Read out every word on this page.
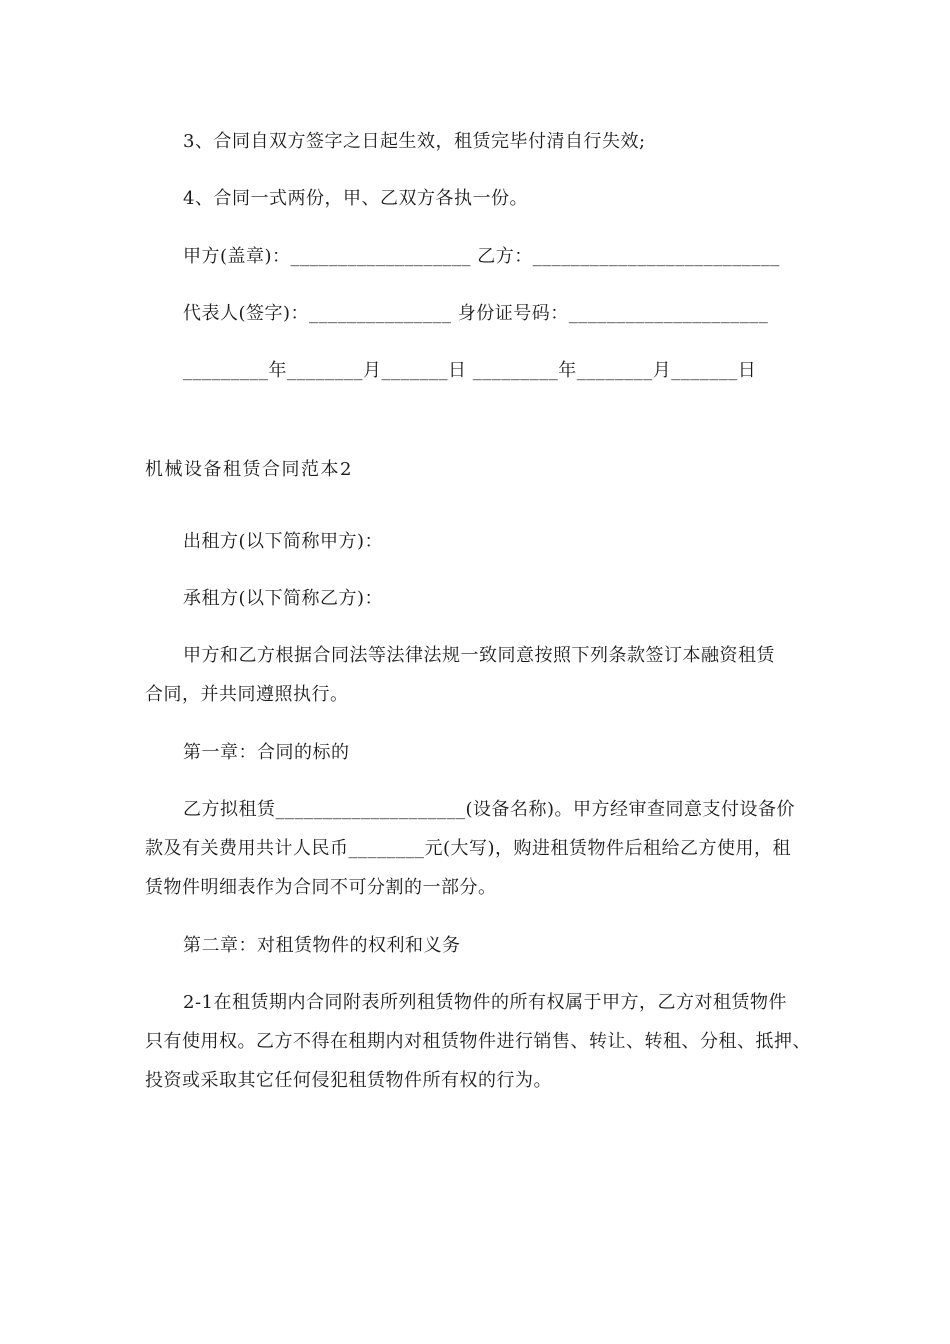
3、合同自双方签字之日起生效，租赁完毕付清自行失效;
4、合同一式两份，甲、乙双方各执一份。
甲方(盖章)：___________________ 乙方：__________________________
代表人(签字)：_______________ 身份证号码：_____________________
_________年________月_______日 _________年________月_______日
机械设备租赁合同范本2
出租方(以下简称甲方)：
承租方(以下简称乙方)：
甲方和乙方根据合同法等法律法规一致同意按照下列条款签订本融资租赁
合同，并共同遵照执行。
第一章：合同的标的
乙方拟租赁____________________(设备名称)。甲方经审查同意支付设备价
款及有关费用共计人民币________元(大写)，购进租赁物件后租给乙方使用，租
赁物件明细表作为合同不可分割的一部分。
第二章：对租赁物件的权利和义务
2-1在租赁期内合同附表所列租赁物件的所有权属于甲方，乙方对租赁物件
只有使用权。乙方不得在租期内对租赁物件进行销售、转让、转租、分租、抵押、
投资或采取其它任何侵犯租赁物件所有权的行为。
